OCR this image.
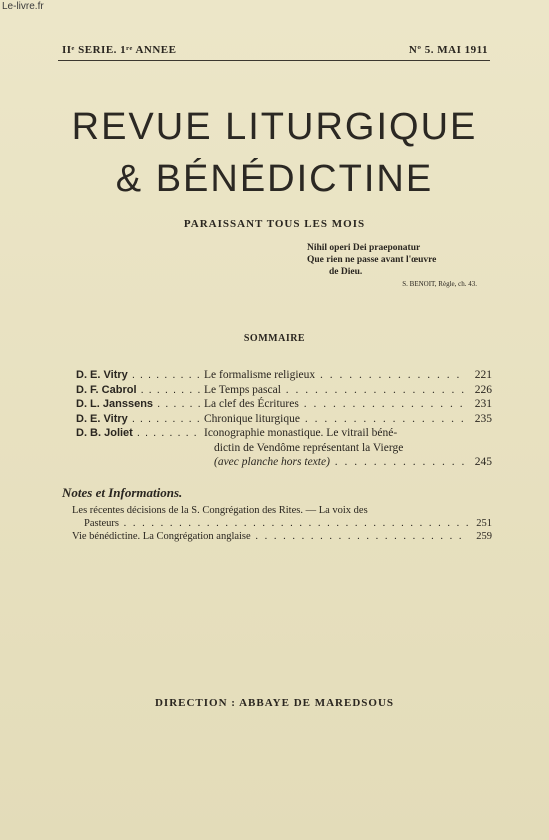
Le-livre.fr
IIᵉ SERIE. 1ʳᵉ ANNEE	Nº 5. MAI 1911
REVUE LITURGIQUE
& BÉNÉDICTINE
PARAISSANT TOUS LES MOIS
Nihil operi Dei praeponatur
Que rien ne passe avant l'œuvre
de Dieu.
S. BENOIT, Règle, ch. 43.
SOMMAIRE
D. E. Vitry . . .	Le formalisme religieux . . .	221
D. F. Cabrol . . .	Le Temps pascal . . .	226
D. L. Janssens . . .	La clef des Écritures . . .	231
D. E. Vitry . . .	Chronique liturgique . . .	235
D. B. Joliet . . .	Iconographie monastique. Le vitrail béné-
dictin de Vendôme représentant la Vierge
(avec planche hors texte) . . .	245
Notes et Informations.
Les récentes décisions de la S. Congrégation des Rites. — La voix des
Pasteurs . . .	251
Vie bénédictine. La Congrégation anglaise . . .	259
DIRECTION : ABBAYE DE MAREDSOUS
